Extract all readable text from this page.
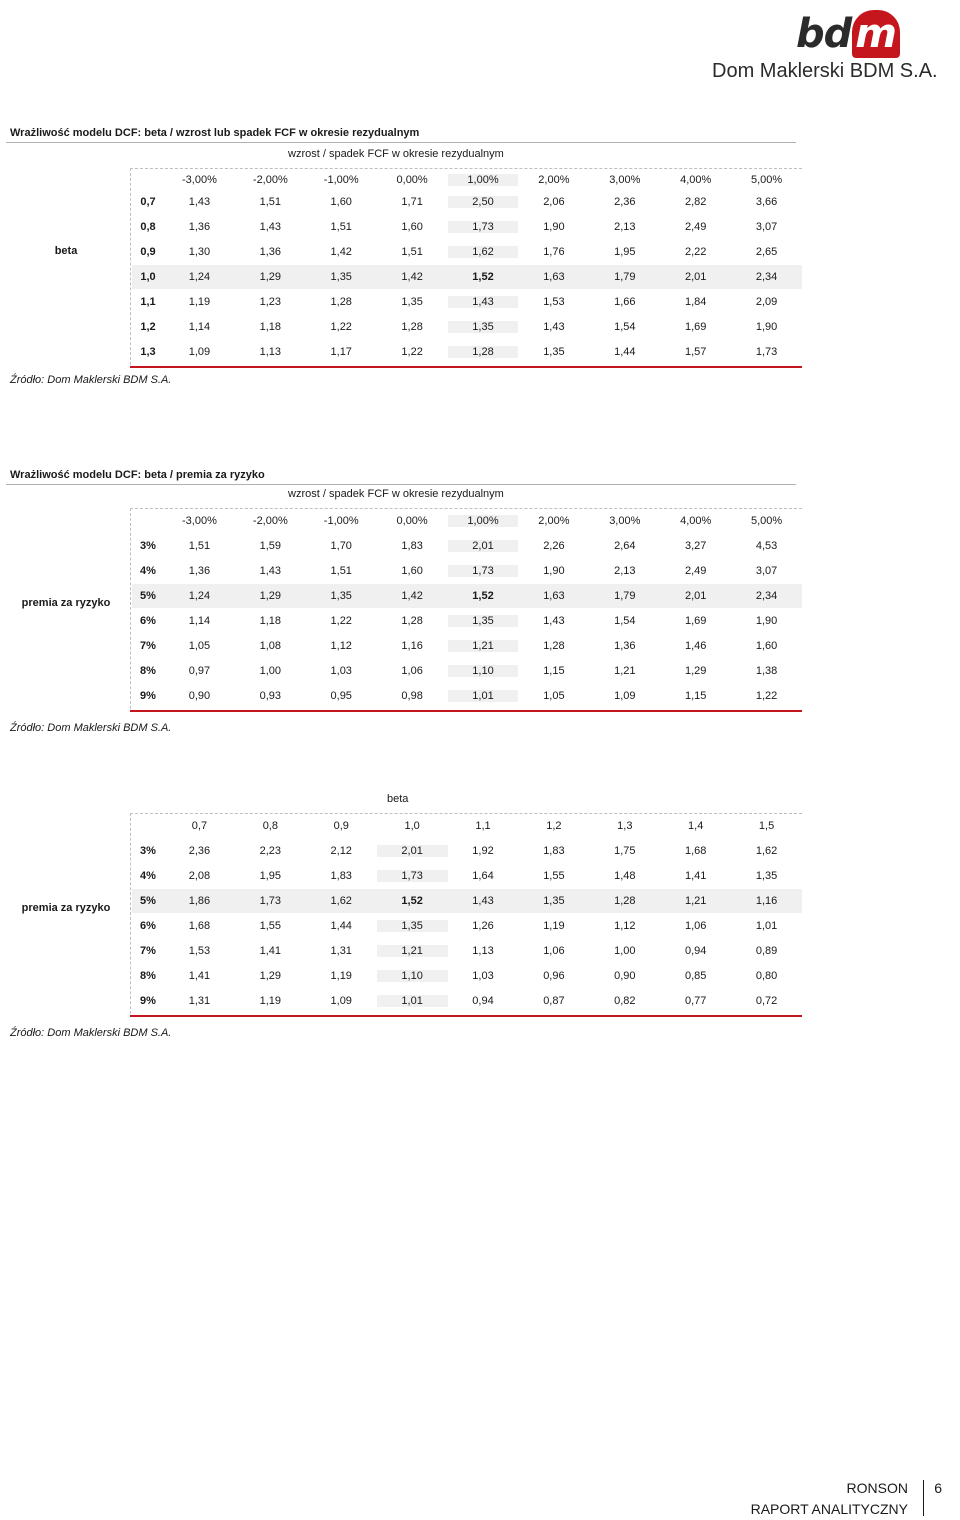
bd m
Dom Maklerski BDM S.A.
Wrażliwość modelu DCF: beta / wzrost lub spadek FCF w okresie rezydualnym
wzrost / spadek FCF w okresie rezydualnym
-3,00%	-2,00%	-1,00%	0,00%	1,00%	2,00%	3,00%	4,00%	5,00%
beta
0,7	1,43	1,51	1,60	1,71	2,50	2,06	2,36	2,82	3,66
0,8	1,36	1,43	1,51	1,60	1,73	1,90	2,13	2,49	3,07
0,9	1,30	1,36	1,42	1,51	1,62	1,76	1,95	2,22	2,65
1,0	1,24	1,29	1,35	1,42	1,52	1,63	1,79	2,01	2,34
1,1	1,19	1,23	1,28	1,35	1,43	1,53	1,66	1,84	2,09
1,2	1,14	1,18	1,22	1,28	1,35	1,43	1,54	1,69	1,90
1,3	1,09	1,13	1,17	1,22	1,28	1,35	1,44	1,57	1,73
Źródło: Dom Maklerski BDM S.A.
Wrażliwość modelu DCF: beta / premia za ryzyko
wzrost / spadek FCF w okresie rezydualnym
-3,00%	-2,00%	-1,00%	0,00%	1,00%	2,00%	3,00%	4,00%	5,00%
premia za ryzyko
3%	1,51	1,59	1,70	1,83	2,01	2,26	2,64	3,27	4,53
4%	1,36	1,43	1,51	1,60	1,73	1,90	2,13	2,49	3,07
5%	1,24	1,29	1,35	1,42	1,52	1,63	1,79	2,01	2,34
6%	1,14	1,18	1,22	1,28	1,35	1,43	1,54	1,69	1,90
7%	1,05	1,08	1,12	1,16	1,21	1,28	1,36	1,46	1,60
8%	0,97	1,00	1,03	1,06	1,10	1,15	1,21	1,29	1,38
9%	0,90	0,93	0,95	0,98	1,01	1,05	1,09	1,15	1,22
Źródło: Dom Maklerski BDM S.A.
beta
0,7	0,8	0,9	1,0	1,1	1,2	1,3	1,4	1,5
premia za ryzyko
3%	2,36	2,23	2,12	2,01	1,92	1,83	1,75	1,68	1,62
4%	2,08	1,95	1,83	1,73	1,64	1,55	1,48	1,41	1,35
5%	1,86	1,73	1,62	1,52	1,43	1,35	1,28	1,21	1,16
6%	1,68	1,55	1,44	1,35	1,26	1,19	1,12	1,06	1,01
7%	1,53	1,41	1,31	1,21	1,13	1,06	1,00	0,94	0,89
8%	1,41	1,29	1,19	1,10	1,03	0,96	0,90	0,85	0,80
9%	1,31	1,19	1,09	1,01	0,94	0,87	0,82	0,77	0,72
Źródło: Dom Maklerski BDM S.A.
RONSON
RAPORT ANALITYCZNY
6
